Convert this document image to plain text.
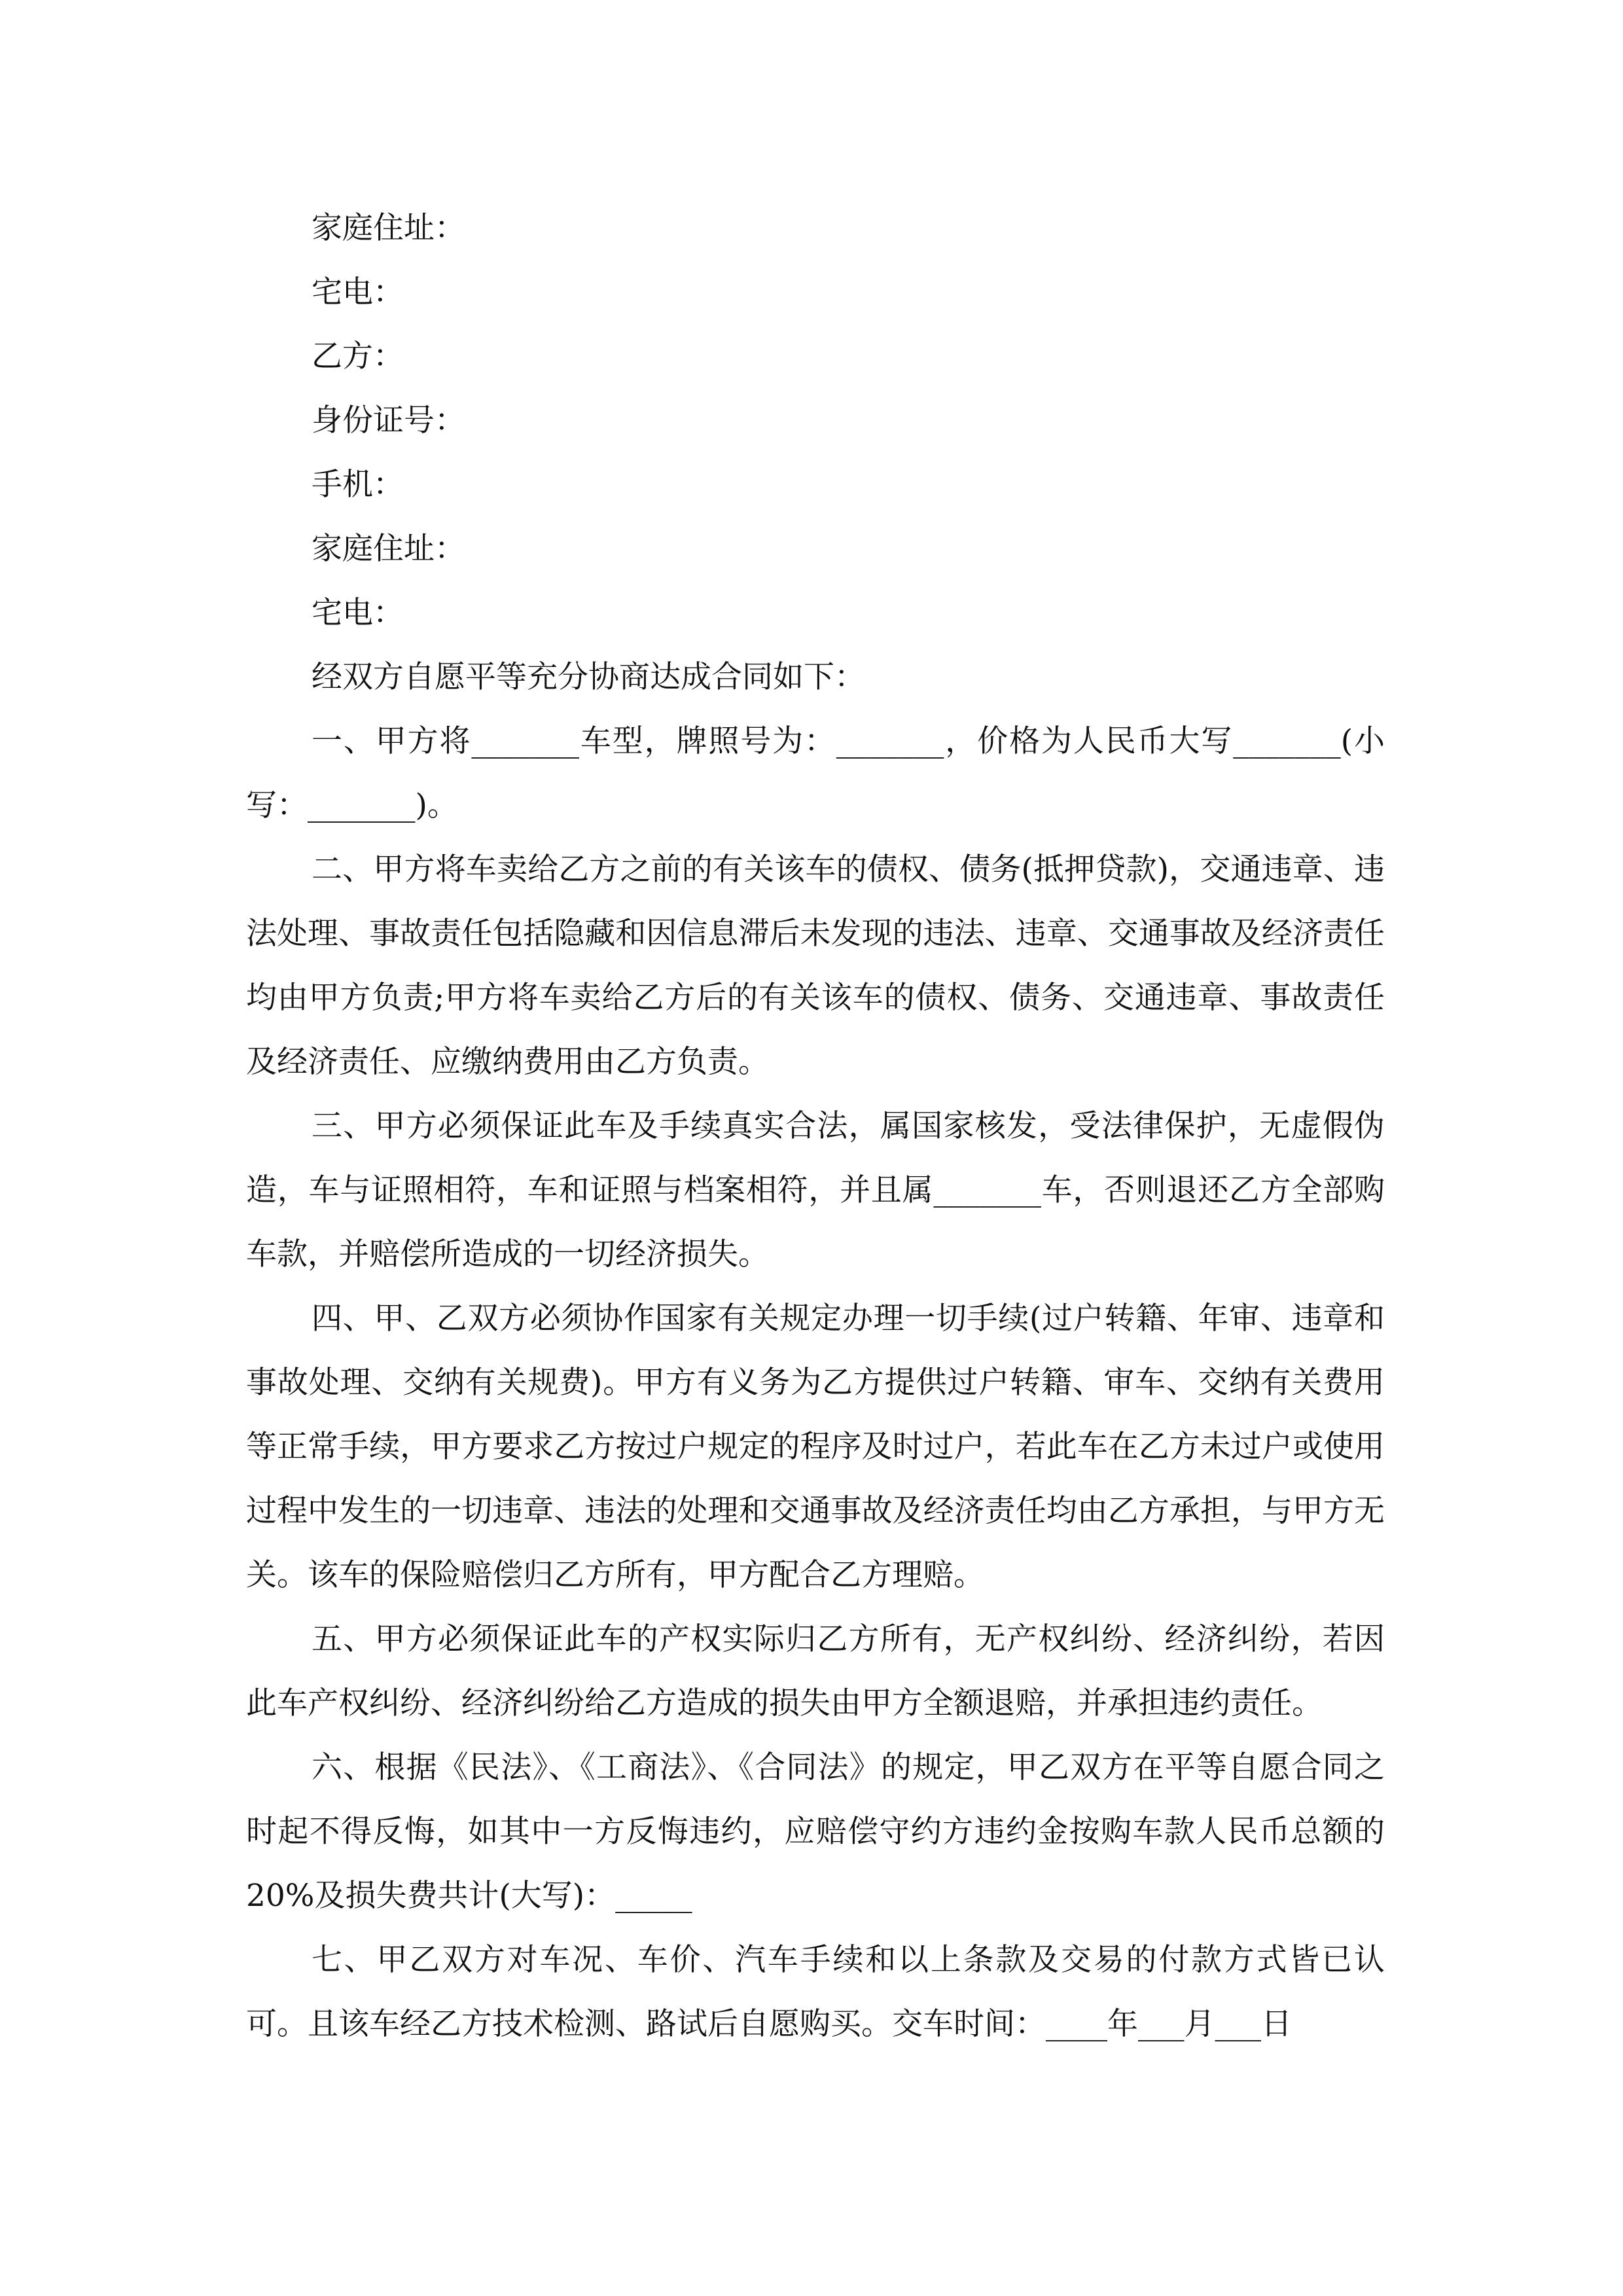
家庭住址：

宅电：

乙方：

身份证号：

手机：

家庭住址：

宅电：

经双方自愿平等充分协商达成合同如下：

一、甲方将_______车型，牌照号为：_______，价格为人民币大写_______(小写：_______)。

二、甲方将车卖给乙方之前的有关该车的债权、债务(抵押贷款)，交通违章、违法处理、事故责任包括隐藏和因信息滞后未发现的违法、违章、交通事故及经济责任均由甲方负责;甲方将车卖给乙方后的有关该车的债权、债务、交通违章、事故责任及经济责任、应缴纳费用由乙方负责。

三、甲方必须保证此车及手续真实合法，属国家核发，受法律保护，无虚假伪造，车与证照相符，车和证照与档案相符，并且属_______车，否则退还乙方全部购车款，并赔偿所造成的一切经济损失。

四、甲、乙双方必须协作国家有关规定办理一切手续(过户转籍、年审、违章和事故处理、交纳有关规费)。甲方有义务为乙方提供过户转籍、审车、交纳有关费用等正常手续，甲方要求乙方按过户规定的程序及时过户，若此车在乙方未过户或使用过程中发生的一切违章、违法的处理和交通事故及经济责任均由乙方承担，与甲方无关。该车的保险赔偿归乙方所有，甲方配合乙方理赔。

五、甲方必须保证此车的产权实际归乙方所有，无产权纠纷、经济纠纷，若因此车产权纠纷、经济纠纷给乙方造成的损失由甲方全额退赔，并承担违约责任。

六、根据《民法》、《工商法》、《合同法》的规定，甲乙双方在平等自愿合同之时起不得反悔，如其中一方反悔违约，应赔偿守约方违约金按购车款人民币总额的 20%及损失费共计(大写)：_____

七、甲乙双方对车况、车价、汽车手续和以上条款及交易的付款方式皆已认可。且该车经乙方技术检测、路试后自愿购买。交车时间：____年___月___日
